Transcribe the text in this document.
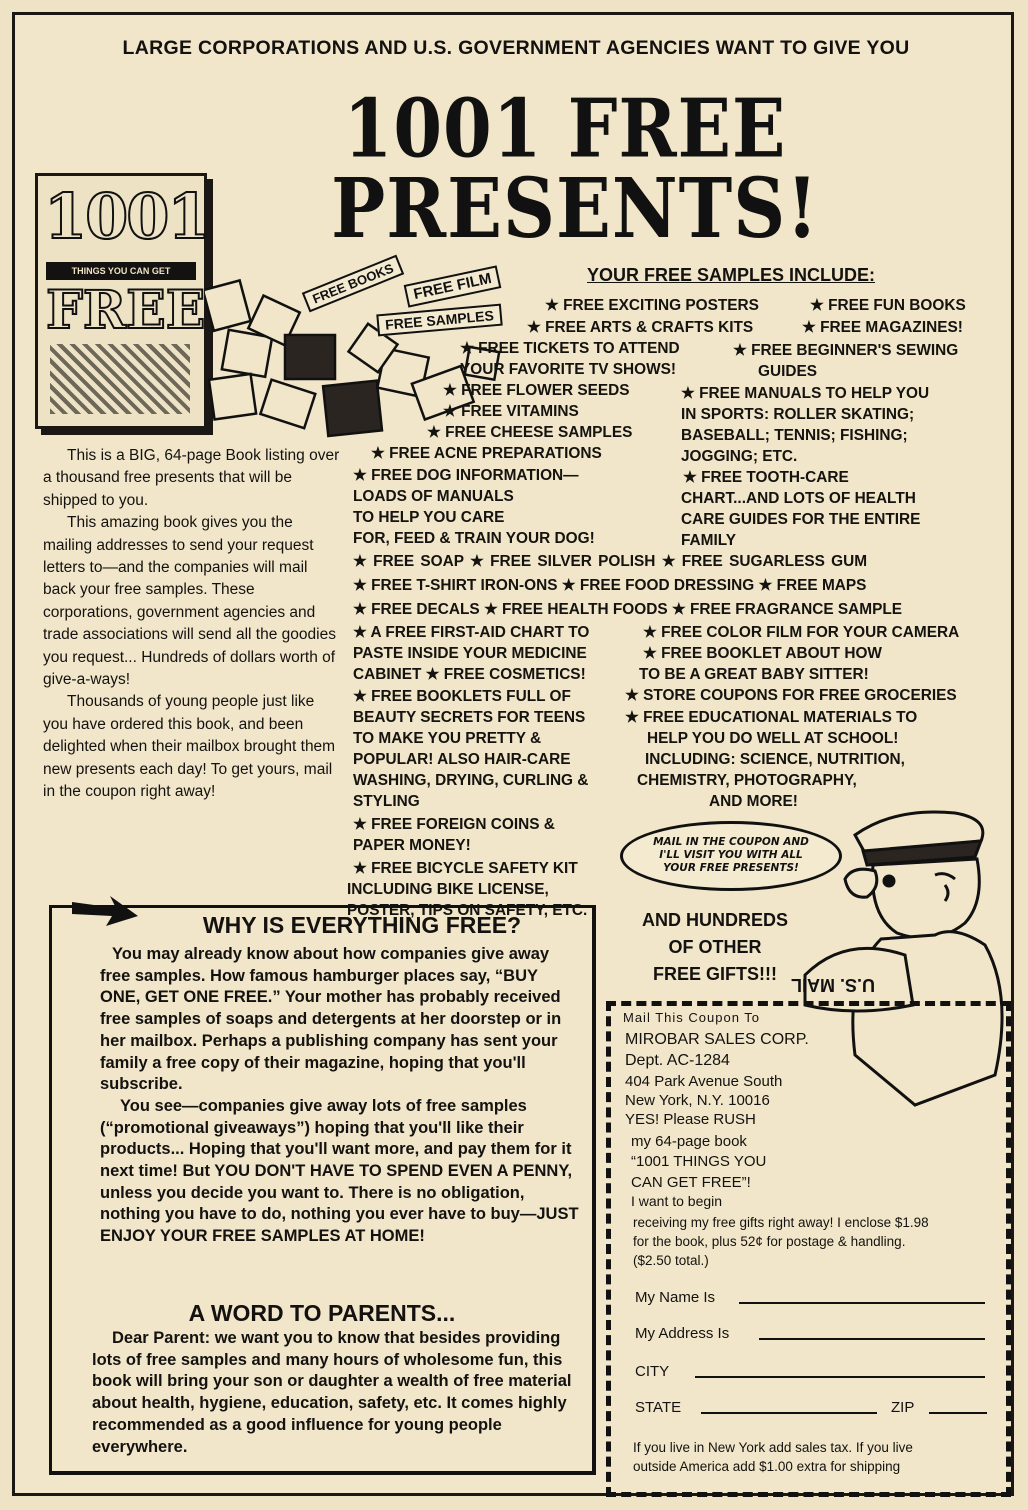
LARGE CORPORATIONS AND U.S. GOVERNMENT AGENCIES WANT TO GIVE YOU
1001 FREE
PRESENTS!
1001
THINGS YOU CAN GET
FREE	FREE BOOKS	FREE FILM
FREE SAMPLES
YOUR FREE SAMPLES INCLUDE:
★ FREE EXCITING POSTERS	★ FREE FUN BOOKS
★ FREE ARTS & CRAFTS KITS	★ FREE MAGAZINES!
★ FREE TICKETS TO ATTEND
YOUR FAVORITE TV SHOWS!
★ FREE BEGINNER'S SEWING
GUIDES
★ FREE FLOWER SEEDS
★ FREE VITAMINS
★ FREE CHEESE SAMPLES
★ FREE ACNE PREPARATIONS
★ FREE MANUALS TO HELP YOU
IN SPORTS: ROLLER SKATING;
BASEBALL; TENNIS; FISHING;
JOGGING; ETC.
★ FREE DOG INFORMATION—
LOADS OF MANUALS
TO HELP YOU CARE
FOR, FEED & TRAIN YOUR DOG!
★ FREE TOOTH-CARE
CHART...AND LOTS OF HEALTH
CARE GUIDES FOR THE ENTIRE
FAMILY
★ FREE SOAP ★ FREE SILVER POLISH ★ FREE SUGARLESS GUM
★ FREE T-SHIRT IRON-ONS ★ FREE FOOD DRESSING ★ FREE MAPS
★ FREE DECALS ★ FREE HEALTH FOODS ★ FREE FRAGRANCE SAMPLE
★ A FREE FIRST-AID CHART TO
PASTE INSIDE YOUR MEDICINE
CABINET ★ FREE COSMETICS!
★ FREE COLOR FILM FOR YOUR CAMERA
★ FREE BOOKLET ABOUT HOW
TO BE A GREAT BABY SITTER!
★ FREE BOOKLETS FULL OF
BEAUTY SECRETS FOR TEENS
TO MAKE YOU PRETTY &
POPULAR! ALSO HAIR-CARE
WASHING, DRYING, CURLING &
STYLING
★ STORE COUPONS FOR FREE GROCERIES
★ FREE EDUCATIONAL MATERIALS TO
HELP YOU DO WELL AT SCHOOL!
INCLUDING: SCIENCE, NUTRITION,
CHEMISTRY, PHOTOGRAPHY,
AND MORE!
★ FREE FOREIGN COINS &
PAPER MONEY!
★ FREE BICYCLE SAFETY KIT
INCLUDING BIKE LICENSE,
POSTER, TIPS ON SAFETY, ETC.

This is a BIG, 64-page Book listing over a thousand free presents that will be shipped to you.

This amazing book gives you the mailing addresses to send your request letters to—and the companies will mail back your free samples. These corporations, government agencies and trade associations will send all the goodies you request... Hundreds of dollars worth of give-a-ways!

Thousands of young people just like you have ordered this book, and been delighted when their mailbox brought them new presents each day! To get yours, mail in the coupon right away!

U.S. MAIL
MAIL IN THE COUPON AND
I'LL VISIT YOU WITH ALL
YOUR FREE PRESENTS!
AND HUNDREDS
OF OTHER
FREE GIFTS!!!
WHY IS EVERYTHING FREE?

You may already know about how companies give away free samples. How famous hamburger places say, “BUY ONE, GET ONE FREE.” Your mother has probably received free samples of soaps and detergents at her doorstep or in her mailbox. Perhaps a publishing company has sent your family a free copy of their magazine, hoping that you'll subscribe.

You see—companies give away lots of free samples (“promotional giveaways”) hoping that you'll like their products... Hoping that you'll want more, and pay them for it next time! But YOU DON'T HAVE TO SPEND EVEN A PENNY, unless you decide you want to. There is no obligation, nothing you have to do, nothing you ever have to buy—JUST ENJOY YOUR FREE SAMPLES AT HOME!

A WORD TO PARENTS...

Dear Parent: we want you to know that besides providing lots of free samples and many hours of wholesome fun, this book will bring your son or daughter a wealth of free material about health, hygiene, education, safety, etc. It comes highly recommended as a good influence for young people everywhere.

Mail This Coupon To
MIROBAR SALES CORP.
Dept. AC-1284
404 Park Avenue South
New York, N.Y. 10016
YES! Please RUSH
my 64-page book
“1001 THINGS YOU
CAN GET FREE”!
I want to begin
receiving my free gifts right away! I enclose $1.98
for the book, plus 52¢ for postage & handling.
($2.50 total.)
My Name Is
My Address Is
CITY
STATE	ZIP
If you live in New York add sales tax. If you live
outside America add $1.00 extra for shipping
